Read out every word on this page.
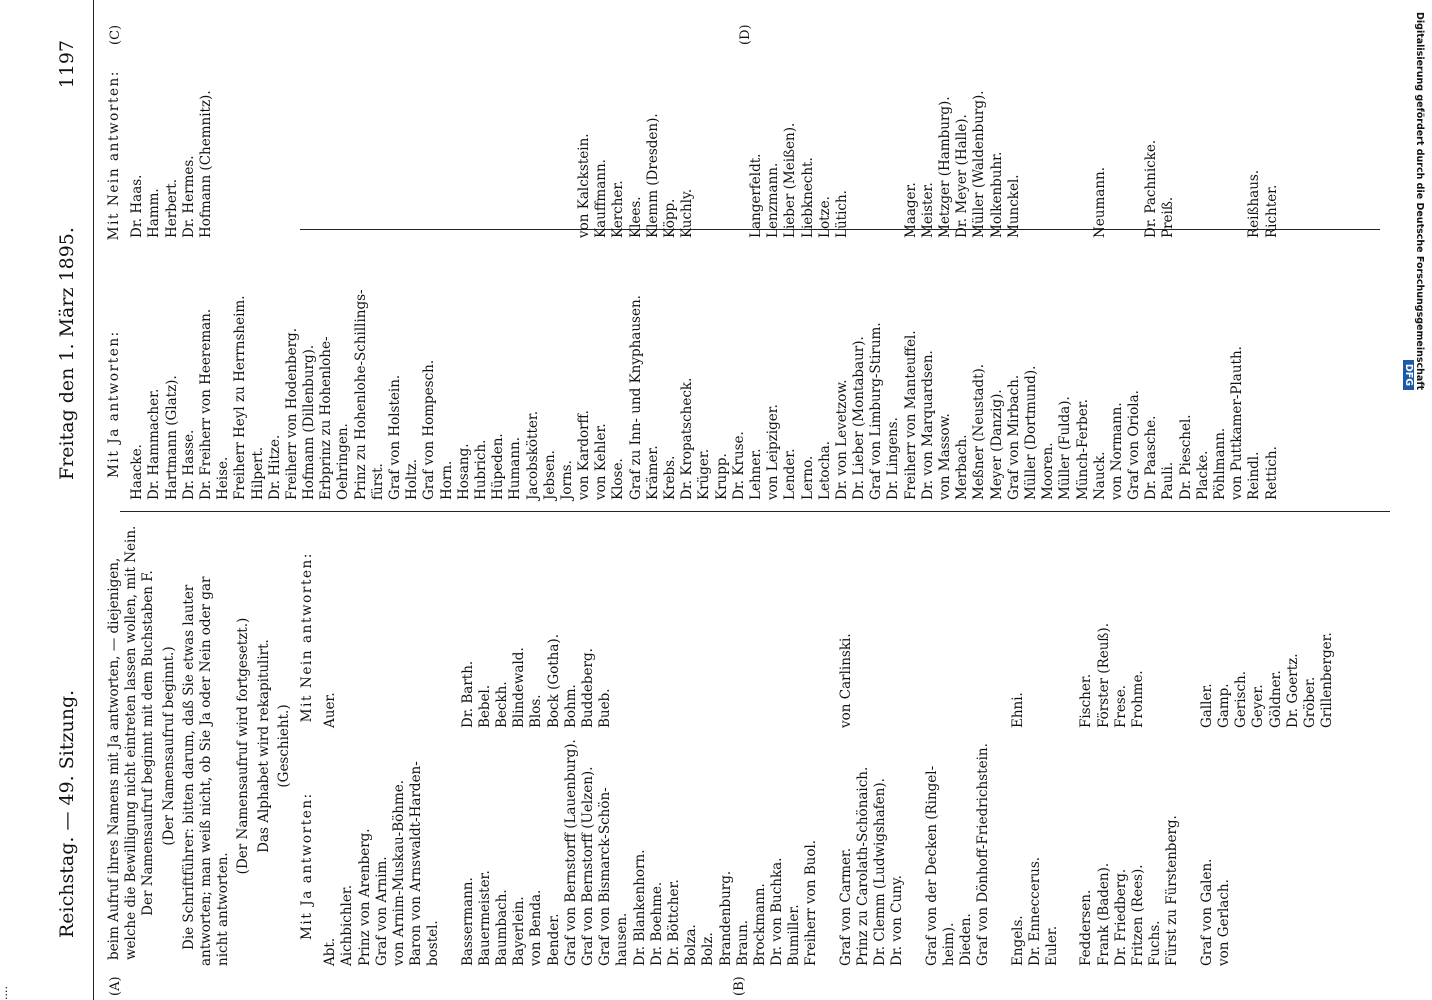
Reichstag. — 49. Sitzung.
Freitag den 1. März 1895.
1197
(A)	(B)
(C)	(D)
beim Aufruf ihres Namens mit Ja antworten, — diejenigen, welche die Bewilligung nicht eintreten lassen wollen, mit Nein. Der Namensaufruf beginnt mit dem Buchstaben F. (Der Namensaufruf beginnt.) Die Schriftführer: bitten darum, daß Sie etwas lauter antworten; man weiß nicht, ob Sie Ja oder Nein oder gar nicht antworten.
(Der Namensaufruf wird fortgesetzt.) Das Alphabet wird rekapitulirt. (Geschieht.)
Mit Ja antworten:
Mit Nein antworten:
Abt.
Auer.
Aichbichler. Prinz von Arenberg. Graf von Arnim. von Arnim-Muskau-Böhme. Baron von Arnswaldt-Harden- bostel. Bassermann.
Dr. Barth.
Bauermeister.
Bebel.
Baumbach.
Beckh.
Bayerlein.
Blindewald.
von Benda.
Blos.
Bender.
Bock (Gotha).
Graf von Bernstorff (Lauenburg).
Bohm.
Graf von Bernstorff (Uelzen).
Buddeberg.
Graf von Bismarck-Schön-
Bueb.
hausen. Dr. Blankenhorn. Dr. Boehme. Dr. Böttcher. Bolza. Bolz. Brandenburg. Braun. Brockmann. Dr. von Buchka. Bumiller. Freiherr von Buol. Graf von Carmer.
von Carlinski.
Prinz zu Carolath-Schönaich. Dr. Clemm (Ludwigshafen). Dr. von Cuny. Graf von der Decken (Ringel- heim). Dieden. Graf von Dönhoff-Friedrichstein. Engels.
Ehni.
Dr. Enneccerus. Euler. Feddersen.
Fischer.
Frank (Baden).
Förster (Reuß).
Dr. Friedberg.
Frese.
Fritzen (Rees).
Frohme.
Fuchs. Fürst zu Fürstenberg. Graf von Galen.
Galler.
von Gerlach.
Gamp. Gerisch. Geyer. Göldner. Dr. Goertz. Gröber. Grillenberger.
Mit Ja antworten:
Mit Nein antworten:
Haacke.
Dr. Haas.
Dr. Hammacher.
Hamm.
Hartmann (Glatz).
Herbert.
Dr. Hasse.
Dr. Hermes.
Dr. Freiherr von Heereman.
Hofmann (Chemnitz).
Heise. Freiherr Heyl zu Herrnsheim. Hilpert. Dr. Hitze. Freiherr von Hodenberg. Hofmann (Dillenburg). Erbprinz zu Hohenlohe- Oehringen. Prinz zu Hohenlohe-Schillings- fürst. Graf von Holstein. Holtz. Graf von Hompesch. Horn. Hosang. Hubrich. Hüpeden. Humann. Jacobskötter. Jebsen. Jorns. von Kardorff.
von Kalckstein.
von Kehler.
Kauffmann.
Klose.
Kercher.
Graf zu Inn- und Knyphausen.
Klees.
Krämer.
Klemm (Dresden).
Krebs.
Köpp.
Dr. Kropatscheck.
Kuchly.
Krüger. Krupp. Dr. Kruse. Lehner.
Langerfeldt.
von Leipziger.
Lenzmann.
Lender.
Lieber (Meißen).
Lerno.
Liebknecht.
Letocha.
Lotze.
Dr. von Levetzow.
Lütich.
Dr. Lieber (Montabaur). Graf von Limburg-Stirum. Dr. Lingens. Freiherr von Manteuffel.
Maager.
Dr. von Marquardsen.
Meister.
von Massow.
Metzger (Hamburg).
Merbach.
Dr. Meyer (Halle).
Meßner (Neustadt).
Müller (Waldenburg).
Meyer (Danzig).
Molkenbuhr.
Graf von Mirbach.
Munckel.
Müller (Dortmund). Mooren. Müller (Fulda). Münch-Ferber. Nauck.
Neumann.
von Normann. Graf von Oriola. Dr. Paasche.
Dr. Pachnicke.
Pauli.
Preiß.
Dr. Pieschel. Placke. Pöhlmann. von Puttkamer-Plauth. Reindl.
Reißhaus.
Rettich.
Richter.
····
Digitalisierung gefördert durch die Deutsche Forschungsgemeinschaft DFG
